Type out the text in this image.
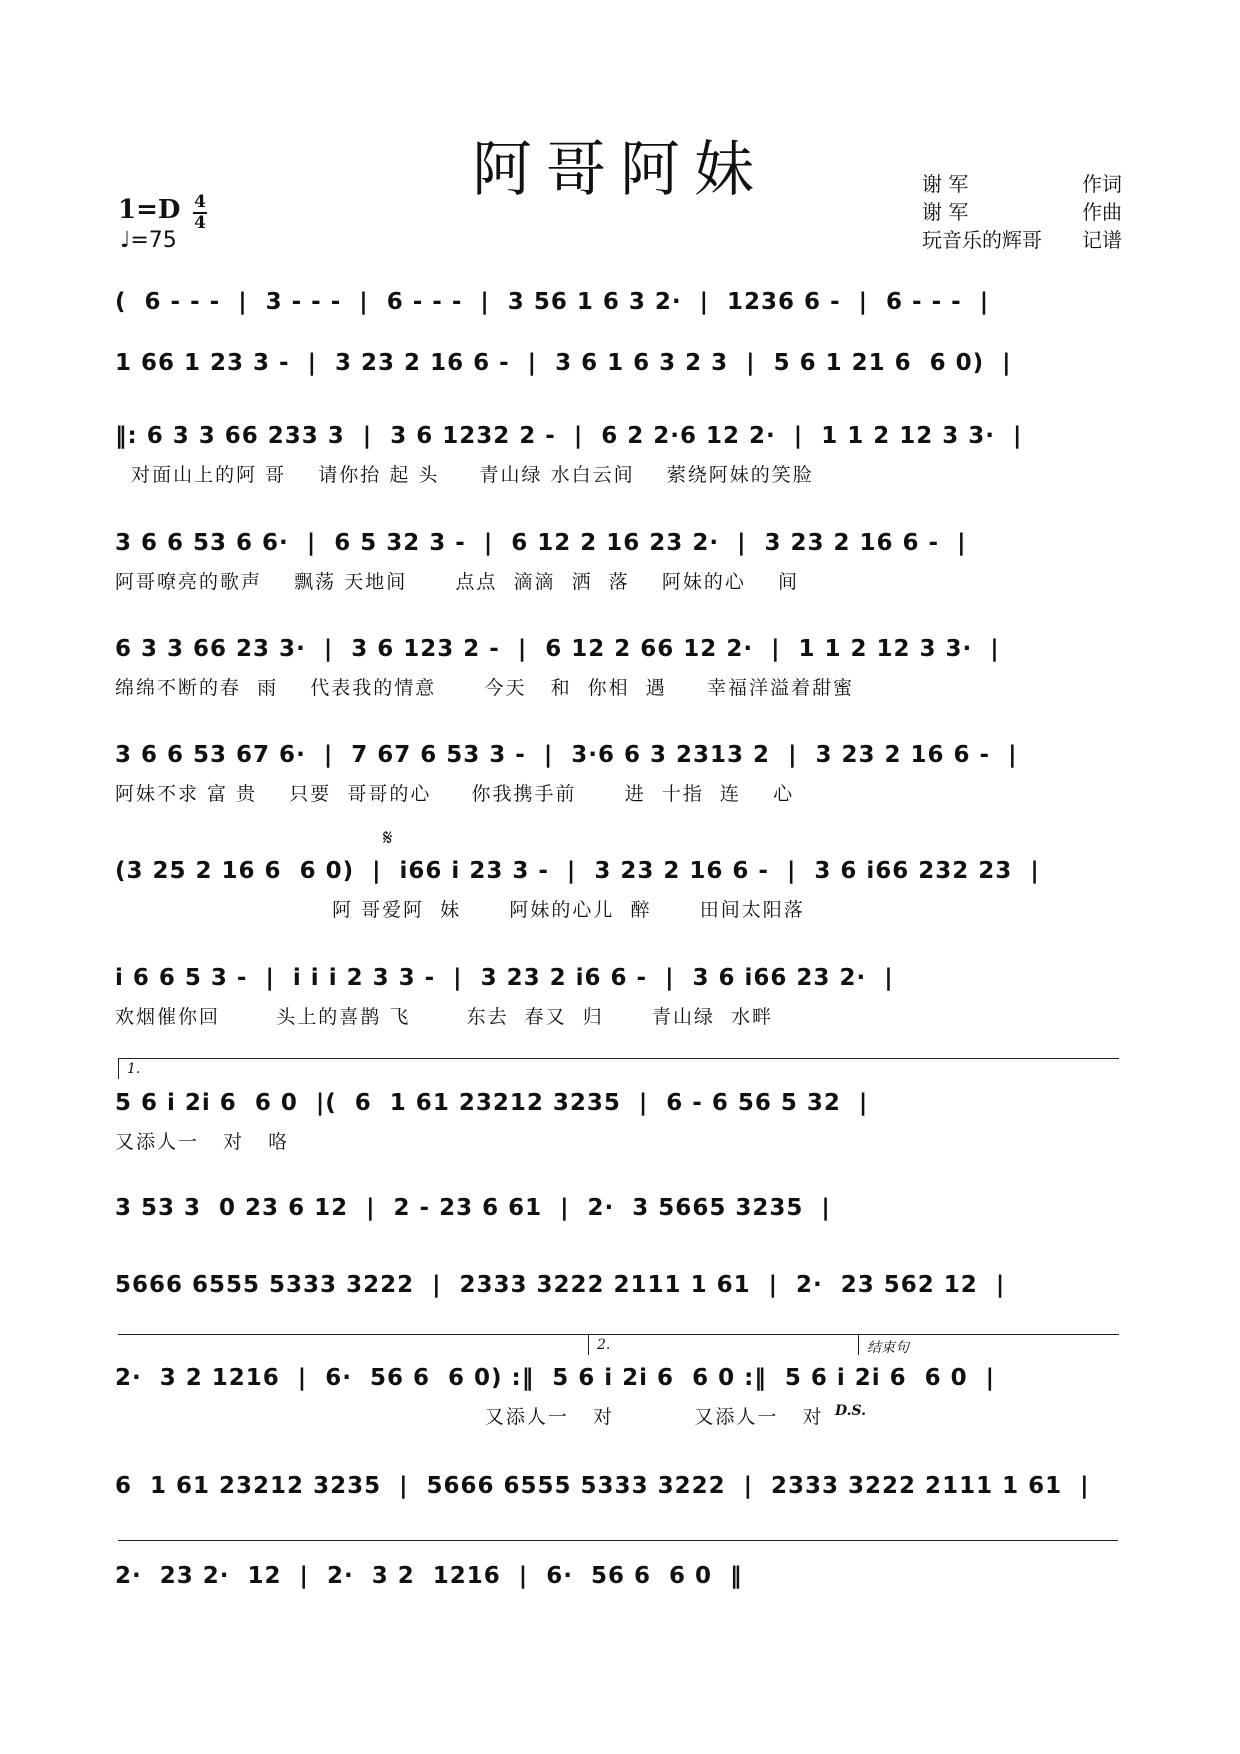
阿哥阿妹
1=D 4
4
♩=75
谢 军	作词
谢 军	作曲
玩音乐的辉哥	记谱
(  6 - - -  |  3 - - -  |  6 - - -  |  3 56 1 6 3 2·  |  1236 6 -  |  6 - - -  |
1 66 1 23 3 -  |  3 23 2 16 6 -  |  3 6 1 6 3 2 3  |  5 6 1 21 6  6 0)  |
‖: 6 3 3 66 233 3  |  3 6 1232 2 -  |  6 2 2·6 12 2·  |  1 1 2 12 3 3·  |
对面山上的阿 哥    请你抬 起 头     青山绿 水白云间    萦绕阿妹的笑脸
3 6 6 53 6 6·  |  6 5 32 3 -  |  6 12 2 16 23 2·  |  3 23 2 16 6 -  |
阿哥嘹亮的歌声    飘荡 天地间      点点  滴滴  洒  落    阿妹的心    间
6 3 3 66 23 3·  |  3 6 123 2 -  |  6 12 2 66 12 2·  |  1 1 2 12 3 3·  |
绵绵不断的春  雨    代表我的情意      今天   和  你相  遇     幸福洋溢着甜蜜
3 6 6 53 67 6·  |  7 67 6 53 3 -  |  3·6 6 3 2313 2  |  3 23 2 16 6 -  |
阿妹不求 富 贵    只要  哥哥的心     你我携手前      进  十指  连    心
𝄋
(3 25 2 16 6  6 0)  |  i66 i 23 3 -  |  3 23 2 16 6 -  |  3 6 i66 232 23  |
阿 哥爱阿  妹      阿妹的心儿  醉      田间太阳落
i 6 6 5 3 -  |  i i i 2 3 3 -  |  3 23 2 i6 6 -  |  3 6 i66 23 2·  |
欢烟催你回       头上的喜鹊 飞       东去  春又  归      青山绿  水畔
1.
5 6 i 2i 6  6 0  |(  6  1 61 23212 3235  |  6 - 6 56 5 32  |
又添人一   对   咯
3 53 3  0 23 6 12  |  2 - 23 6 61  |  2·  3 5665 3235  |
5666 6555 5333 3222  |  2333 3222 2111 1 61  |  2·  23 562 12  |
2.	结束句
2·  3 2 1216  |  6·  56 6  6 0) :‖  5 6 i 2i 6  6 0 :‖  5 6 i 2i 6  6 0  |
又添人一   对          又添人一   对 D.S.
6  1 61 23212 3235  |  5666 6555 5333 3222  |  2333 3222 2111 1 61  |
2·  23 2·  12  |  2·  3 2  1216  |  6·  56 6  6 0  ‖
